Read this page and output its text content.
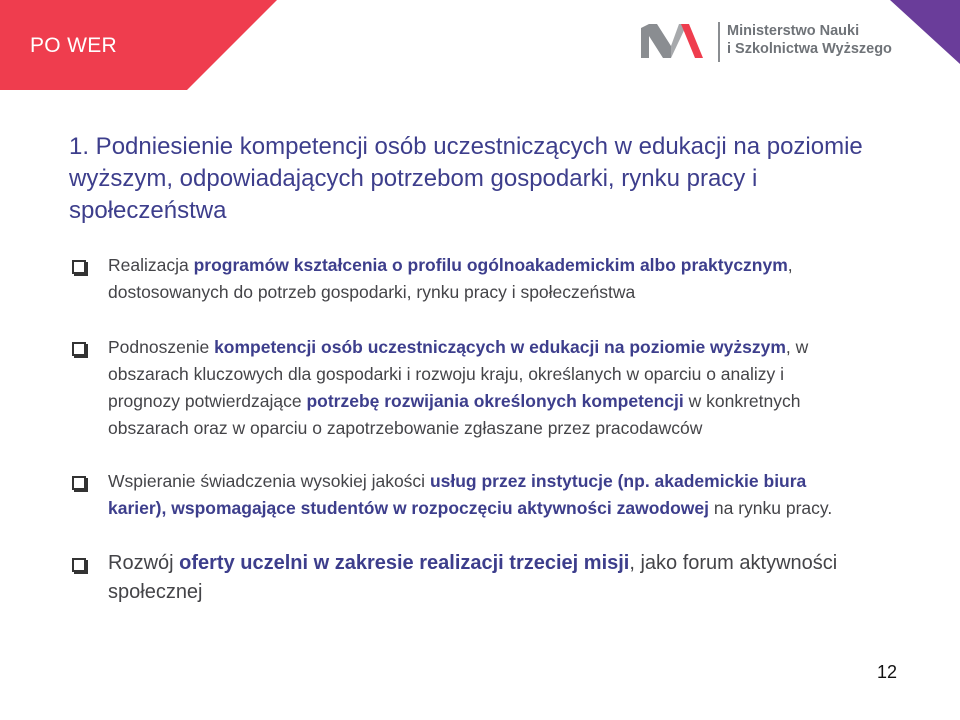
PO WER
Ministerstwo Nauki
i Szkolnictwa Wyższego
1. Podniesienie kompetencji osób uczestniczących w edukacji na poziomie wyższym, odpowiadających potrzebom gospodarki, rynku pracy i społeczeństwa
Realizacja programów kształcenia o profilu ogólnoakademickim albo praktycznym, dostosowanych do potrzeb gospodarki, rynku pracy i społeczeństwa
Podnoszenie kompetencji osób uczestniczących w edukacji na poziomie wyższym, w obszarach kluczowych dla gospodarki i rozwoju kraju, określanych w oparciu o analizy i prognozy potwierdzające potrzebę rozwijania określonych kompetencji w konkretnych obszarach oraz w oparciu o zapotrzebowanie zgłaszane przez pracodawców
Wspieranie świadczenia wysokiej jakości usług przez instytucje (np. akademickie biura karier), wspomagające studentów w rozpoczęciu aktywności zawodowej na rynku pracy.
Rozwój oferty uczelni w zakresie realizacji trzeciej misji, jako forum aktywności społecznej
12
